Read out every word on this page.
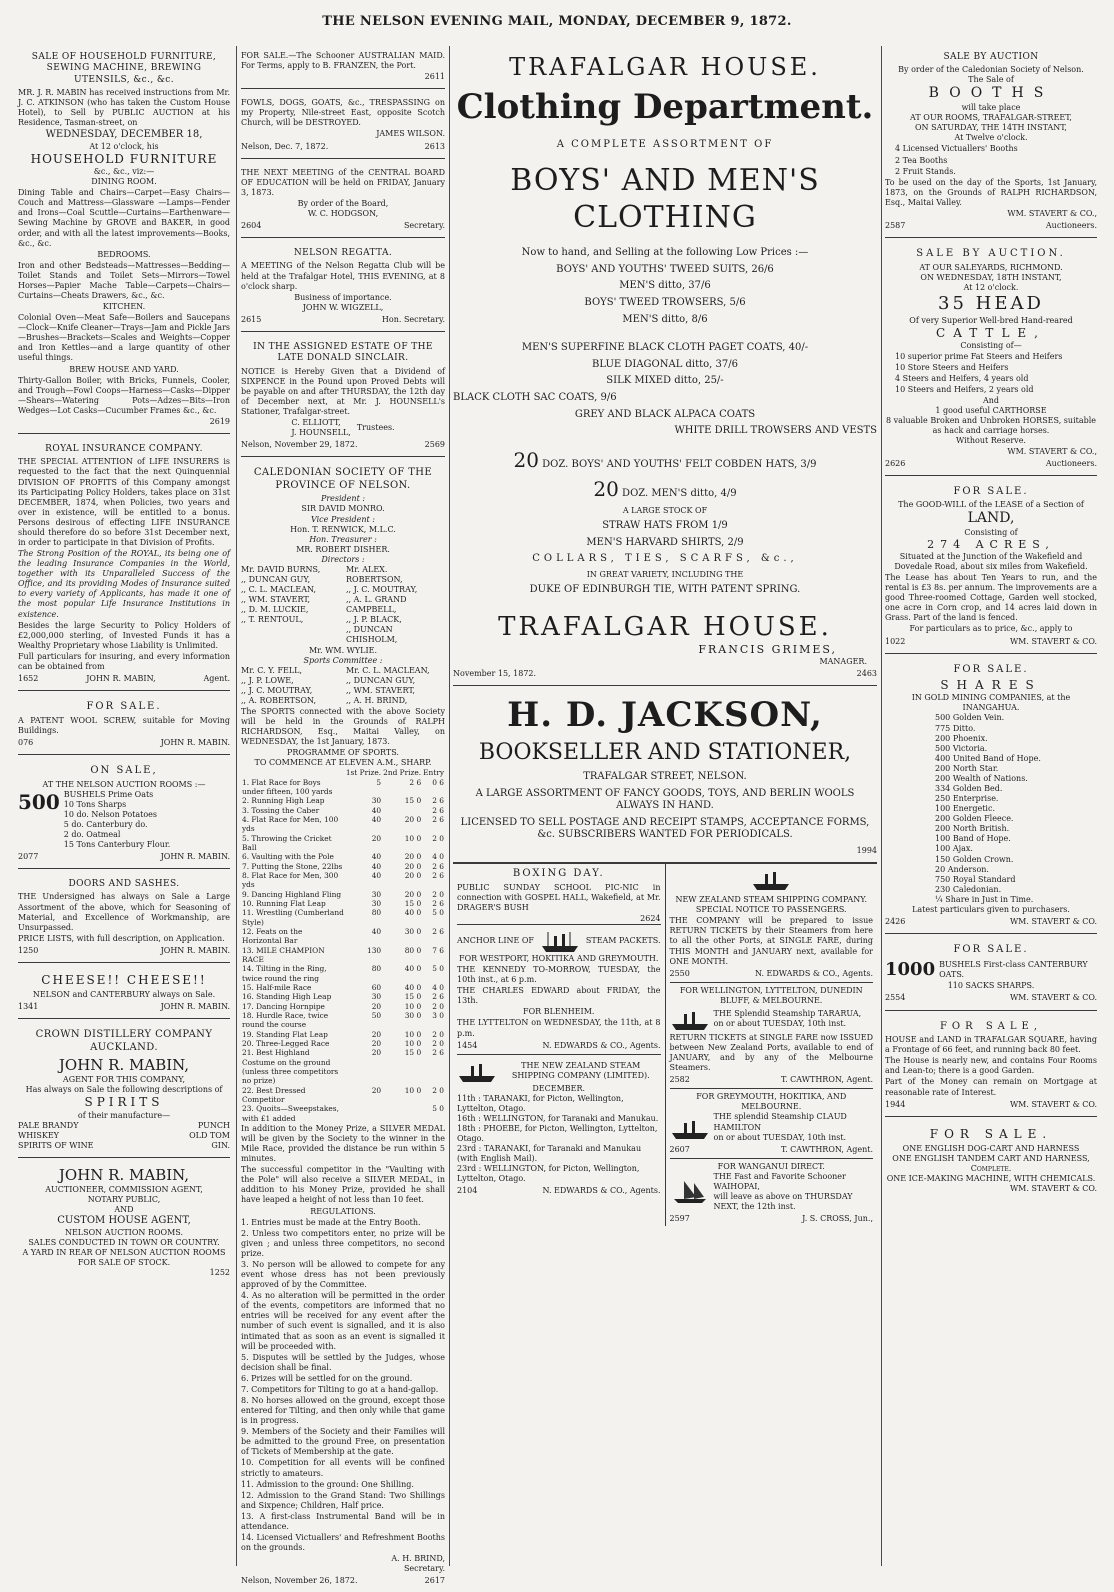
THE NELSON EVENING MAIL, MONDAY, DECEMBER 9, 1872.
SALE OF HOUSEHOLD FURNITURE, SEWING MACHINE, BREWING UTENSILS, &c., &c.

MR. J. R. MABIN has received instructions from Mr. J. C. ATKINSON (who has taken the Custom House Hotel), to Sell by PUBLIC AUCTION at his Residence, Tasman-street, on

WEDNESDAY, DECEMBER 18,
At 12 o'clock, his
HOUSEHOLD FURNITURE
&c., &c., viz:—
DINING ROOM.

Dining Table and Chairs—Carpet—Easy Chairs—Couch and Mattress—Glassware —Lamps—Fender and Irons—Coal Scuttle—Curtains—Earthenware—Sewing Machine by GROVE and BAKER, in good order, and with all the latest improvements—Books, &c., &c.

BEDROOMS.

Iron and other Bedsteads—Mattresses—Bedding—Toilet Stands and Toilet Sets—Mirrors—Towel Horses—Papier Mache Table—Carpets—Chairs—Curtains—Cheats Drawers, &c., &c.

KITCHEN.

Colonial Oven—Meat Safe—Boilers and Saucepans—Clock—Knife Cleaner—Trays—Jam and Pickle Jars—Brushes—Brackets—Scales and Weights—Copper and Iron Kettles—and a large quantity of other useful things.

BREW HOUSE AND YARD.

Thirty-Gallon Boiler, with Bricks, Funnels, Cooler, and Trough—Fowl Coops—Harness—Casks—Dipper—Shears—Watering Pots—Adzes—Bits—Iron Wedges—Lot Casks—Cucumber Frames &c., &c.

2619
ROYAL INSURANCE COMPANY.

THE SPECIAL ATTENTION of LIFE INSURERS is requested to the fact that the next Quinquennial DIVISION OF PROFITS of this Company amongst its Participating Policy Holders, takes place on 31st DECEMBER, 1874, when Policies, two years and over in existence, will be entitled to a bonus. Persons desirous of effecting LIFE INSURANCE should therefore do so before 31st December next, in order to participate in that Division of Profits.

The Strong Position of the ROYAL, its being one of the leading Insurance Companies in the World, together with its Unparalleled Success of the Office, and its providing Modes of Insurance suited to every variety of Applicants, has made it one of the most popular Life Insurance Institutions in existence.

Besides the large Security to Policy Holders of £2,000,000 sterling, of Invested Funds it has a Wealthy Proprietary whose Liability is Unlimited.

Full particulars for insuring, and every information can be obtained from

1652	JOHN R. MABIN,	Agent.
FOR SALE.

A PATENT WOOL SCREW, suitable for Moving Buildings.

076	JOHN R. MABIN.
ON SALE,
AT THE NELSON AUCTION ROOMS :—
500 BUSHELS Prime Oats
10 Tons Sharps
10 do. Nelson Potatoes
5 do. Canterbury do.
2 do. Oatmeal
15 Tons Canterbury Flour.
2077	JOHN R. MABIN.
DOORS AND SASHES.

THE Undersigned has always on Sale a Large Assortment of the above, which for Seasoning of Material, and Excellence of Workmanship, are Unsurpassed.

PRICE LISTS, with full description, on Application.

1250	JOHN R. MABIN.
CHEESE!! CHEESE!!
NELSON and CANTERBURY always on Sale.
1341	JOHN R. MABIN.
CROWN DISTILLERY COMPANY AUCKLAND.
JOHN R. MABIN,
AGENT FOR THIS COMPANY,
Has always on Sale the following descriptions of
SPIRITS
of their manufacture—
PALE BRANDY
WHISKEY
SPIRITS OF WINE
PUNCH
OLD TOM
GIN.
JOHN R. MABIN,
AUCTIONEER, COMMISSION AGENT,
NOTARY PUBLIC,
AND
CUSTOM HOUSE AGENT,
NELSON AUCTION ROOMS.
SALES CONDUCTED IN TOWN OR COUNTRY.
A YARD IN REAR OF NELSON AUCTION ROOMS FOR SALE OF STOCK.
1252

FOR SALE.—The Schooner AUSTRALIAN MAID. For Terms, apply to B. FRANZEN, the Port.

2611

FOWLS, DOGS, GOATS, &c., TRESPASSING on my Property, Nile-street East, opposite Scotch Church, will be DESTROYED.

JAMES WILSON.
Nelson, Dec. 7, 1872.	2613

THE NEXT MEETING of the CENTRAL BOARD OF EDUCATION will be held on FRIDAY, January 3, 1873.

By order of the Board,
W. C. HODGSON,
2604	Secretary.
NELSON REGATTA.

A MEETING of the Nelson Regatta Club will be held at the Trafalgar Hotel, THIS EVENING, at 8 o'clock sharp.

Business of importance.
JOHN W. WIGZELL,
2615	Hon. Secretary.
IN THE ASSIGNED ESTATE OF THE LATE DONALD SINCLAIR.

NOTICE is Hereby Given that a Dividend of SIXPENCE in the Pound upon Proved Debts will be payable on and after THURSDAY, the 12th day of December next, at Mr. J. HOUNSELL's Stationer, Trafalgar-street.

C. ELLIOTT,
J. HOUNSELL,
Trustees.
Nelson, November 29, 1872.	2569
CALEDONIAN SOCIETY OF THE PROVINCE OF NELSON.
President :
SIR DAVID MONRO.
Vice President :
Hon. T. RENWICK, M.L.C.
Hon. Treasurer :
MR. ROBERT DISHER.
Directors :
Mr. DAVID BURNS,
,, DUNCAN GUY,
,, C. L. MACLEAN,
,, WM. STAVERT,
,, D. M. LUCKIE,
,, T. RENTOUL,
Mr. ALEX. ROBERTSON,
,, J. C. MOUTRAY,
,, A. L. GRAND
CAMPBELL,
,, J. P. BLACK,
,, DUNCAN CHISHOLM,
Mr. WM. WYLIE.
Sports Committee :
Mr. C. Y. FELL,
,, J. P. LOWE,
,, J. C. MOUTRAY,
,, A. ROBERTSON,
Mr. C. L. MACLEAN,
,, DUNCAN GUY,
,, WM. STAVERT,
,, A. H. BRIND,

The SPORTS connected with the above Society will be held in the Grounds of RALPH RICHARDSON, Esq., Maitai Valley, on WEDNESDAY, the 1st January, 1873.

PROGRAMME OF SPORTS.
TO COMMENCE AT ELEVEN A.M., SHARP.
	1st Prize.	2nd Prize.	Entry
1. Flat Race for Boys under fifteen, 100 yards	5	2 6	0 6
2. Running High Leap	30	15 0	2 6
3. Tossing the Caber	40		2 6
4. Flat Race for Men, 100 yds	40	20 0	2 6
5. Throwing the Cricket Ball	20	10 0	2 0
6. Vaulting with the Pole	40	20 0	4 0
7. Putting the Stone, 22lbs	40	20 0	2 6
8. Flat Race for Men, 300 yds	40	20 0	2 6
9. Dancing Highland Fling	30	20 0	2 0
10. Running Flat Leap	30	15 0	2 6
11. Wrestling (Cumberland Style)	80	40 0	5 0
12. Feats on the Horizontal Bar	40	30 0	2 6
13. MILE CHAMPION RACE	130	80 0	7 6
14. Tilting in the Ring, twice round the ring	80	40 0	5 0
15. Half-mile Race	60	40 0	4 0
16. Standing High Leap	30	15 0	2 6
17. Dancing Hornpipe	20	10 0	2 0
18. Hurdle Race, twice round the course	50	30 0	3 0
19. Standing Flat Leap	20	10 0	2 0
20. Three-Legged Race	20	10 0	2 0
21. Best Highland Costume on the ground (unless three competitors no prize)	20	15 0	2 6
22. Best Dressed Competitor	20	10 0	2 0
23. Quoits—Sweepstakes, with £1 added			5 0

In addition to the Money Prize, a SILVER MEDAL will be given by the Society to the winner in the Mile Race, provided the distance be run within 5 minutes.

The successful competitor in the "Vaulting with the Pole" will also receive a SILVER MEDAL, in addition to his Money Prize, provided he shall have leaped a height of not less than 10 feet.

REGULATIONS.
1. Entries must be made at the Entry Booth.
2. Unless two competitors enter, no prize will be given ; and unless three competitors, no second prize.
3. No person will be allowed to compete for any event whose dress has not been previously approved of by the Committee.
4. As no alteration will be permitted in the order of the events, competitors are informed that no entries will be received for any event after the number of such event is signalled, and it is also intimated that as soon as an event is signalled it will be proceeded with.
5. Disputes will be settled by the Judges, whose decision shall be final.
6. Prizes will be settled for on the ground.
7. Competitors for Tilting to go at a hand-gallop.
8. No horses allowed on the ground, except those entered for Tilting, and then only while that game is in progress.
9. Members of the Society and their Families will be admitted to the ground Free, on presentation of Tickets of Membership at the gate.
10. Competition for all events will be confined strictly to amateurs.
11. Admission to the ground: One Shilling.
12. Admission to the Grand Stand: Two Shillings and Sixpence; Children, Half price.
13. A first-class Instrumental Band will be in attendance.
14. Licensed Victuallers' and Refreshment Booths on the grounds.
A. H. BRIND,
Secretary.
Nelson, November 26, 1872.	2617
TRAFALGAR HOUSE.
Clothing Department.
A COMPLETE ASSORTMENT OF
BOYS' AND MEN'S CLOTHING
Now to hand, and Selling at the following Low Prices :—
BOYS' AND YOUTHS' TWEED SUITS, 26/6
MEN'S ditto, 37/6
BOYS' TWEED TROWSERS, 5/6
MEN'S ditto, 8/6
MEN'S SUPERFINE BLACK CLOTH PAGET COATS, 40/-
BLUE DIAGONAL ditto, 37/6
SILK MIXED ditto, 25/-
BLACK CLOTH SAC COATS, 9/6
GREY AND BLACK ALPACA COATS
WHITE DRILL TROWSERS AND VESTS
20 DOZ. BOYS' AND YOUTHS' FELT COBDEN HATS, 3/9
20 DOZ. MEN'S ditto, 4/9
A LARGE STOCK OF
STRAW HATS FROM 1/9
MEN'S HARVARD SHIRTS, 2/9
COLLARS, TIES, SCARFS, &c.,
IN GREAT VARIETY, INCLUDING THE
DUKE OF EDINBURGH TIE, WITH PATENT SPRING.
TRAFALGAR HOUSE.
FRANCIS GRIMES,
MANAGER.
November 15, 1872.	2463
H. D. JACKSON,
BOOKSELLER AND STATIONER,
TRAFALGAR STREET, NELSON.
A LARGE ASSORTMENT OF FANCY GOODS, TOYS, AND BERLIN WOOLS ALWAYS IN HAND.
LICENSED TO SELL POSTAGE AND RECEIPT STAMPS, ACCEPTANCE FORMS, &c. SUBSCRIBERS WANTED FOR PERIODICALS.
1994
BOXING DAY.

PUBLIC SUNDAY SCHOOL PIC-NIC in connection with GOSPEL HALL, Wakefield, at Mr. DRAGER'S BUSH

2624
ANCHOR LINE OF	STEAM PACKETS.
FOR WESTPORT, HOKITIKA AND GREYMOUTH.

THE KENNEDY TO-MORROW, TUESDAY, the 10th inst., at 6 p.m.

THE CHARLES EDWARD about FRIDAY, the 13th.

FOR BLENHEIM.

THE LYTTELTON on WEDNESDAY, the 11th, at 8 p.m.

1454	N. EDWARDS & CO., Agents.
THE NEW ZEALAND STEAM SHIPPING COMPANY (LIMITED).
DECEMBER.
11th : TARANAKI, for Picton, Wellington, Lyttelton, Otago.
16th : WELLINGTON, for Taranaki and Manukau.
18th : PHOEBE, for Picton, Wellington, Lyttelton, Otago.
23rd : TARANAKI, for Taranaki and Manukau (with English Mail).
23rd : WELLINGTON, for Picton, Wellington, Lyttelton, Otago.
2104	N. EDWARDS & CO., Agents.
NEW ZEALAND STEAM SHIPPING COMPANY.
SPECIAL NOTICE TO PASSENGERS.

THE COMPANY will be prepared to issue RETURN TICKETS by their Steamers from here to all the other Ports, at SINGLE FARE, during THIS MONTH and JANUARY next, available for ONE MONTH.

2550	N. EDWARDS & CO., Agents.
FOR WELLINGTON, LYTTELTON, DUNEDIN BLUFF, & MELBOURNE.
THE Splendid Steamship TARARUA,
on or about TUESDAY, 10th inst.

RETURN TICKETS at SINGLE FARE now ISSUED between New Zealand Ports, available to end of JANUARY, and by any of the Melbourne Steamers.

2582	T. CAWTHRON, Agent.
FOR GREYMOUTH, HOKITIKA, AND MELBOURNE.
THE splendid Steamship CLAUD HAMILTON
on or about TUESDAY, 10th inst.
2607	T. CAWTHRON, Agent.
FOR WANGANUI DIRECT.
THE Fast and Favorite Schooner WAIHOPAI,
will leave as above on THURSDAY NEXT, the 12th inst.
2597	J. S. CROSS, Jun.,
SALE BY AUCTION
By order of the Caledonian Society of Nelson.
The Sale of
BOOTHS
will take place
AT OUR ROOMS, TRAFALGAR-STREET,
ON SATURDAY, THE 14TH INSTANT,
At Twelve o'clock.
4 Licensed Victuallers' Booths
2 Tea Booths
2 Fruit Stands.

To be used on the day of the Sports, 1st January, 1873, on the Grounds of RALPH RICHARDSON, Esq., Maitai Valley.

WM. STAVERT & CO.,
2587	Auctioneers.
SALE BY AUCTION.
AT OUR SALEYARDS, RICHMOND.
ON WEDNESDAY, 18TH INSTANT,
At 12 o'clock.
35 HEAD
Of very Superior Well-bred Hand-reared
CATTLE,
Consisting of—
10 superior prime Fat Steers and Heifers
10 Store Steers and Heifers
4 Steers and Heifers, 4 years old
10 Steers and Heifers, 2 years old
And
1 good useful CARTHORSE
8 valuable Broken and Unbroken HORSES, suitable as hack and carriage horses.
Without Reserve.
WM. STAVERT & CO.,
2626	Auctioneers.
FOR SALE.
The GOOD-WILL of the LEASE of a Section of
LAND,
Consisting of
274 ACRES,
Situated at the Junction of the Wakefield and Dovedale Road, about six miles from Wakefield.

The Lease has about Ten Years to run, and the rental is £3 8s. per annum. The improvements are a good Three-roomed Cottage, Garden well stocked, one acre in Corn crop, and 14 acres laid down in Grass. Part of the land is fenced.

For particulars as to price, &c., apply to
1022	WM. STAVERT & CO.
FOR SALE.
SHARES
IN GOLD MINING COMPANIES, at the INANGAHUA.
500 Golden Vein.
775 Ditto.
200 Phoenix.
500 Victoria.
400 United Band of Hope.
200 North Star.
200 Wealth of Nations.
334 Golden Bed.
250 Enterprise.
100 Energetic.
200 Golden Fleece.
200 North British.
100 Band of Hope.
100 Ajax.
150 Golden Crown.
20 Anderson.
750 Royal Standard
230 Caledonian.
¼ Share in Just in Time.
Latest particulars given to purchasers.
2426	WM. STAVERT & CO.
FOR SALE.
1000 BUSHELS First-class CANTERBURY OATS.
110 SACKS SHARPS.
2554	WM. STAVERT & CO.
FOR SALE,

HOUSE and LAND in TRAFALGAR SQUARE, having a Frontage of 66 feet, and running back 80 feet.

The House is nearly new, and contains Four Rooms and Lean-to; there is a good Garden.

Part of the Money can remain on Mortgage at reasonable rate of Interest.

1944	WM. STAVERT & CO.
FOR SALE.
ONE ENGLISH DOG-CART AND HARNESS
ONE ENGLISH TANDEM CART AND HARNESS, Complete.
ONE ICE-MAKING MACHINE, WITH CHEMICALS.
WM. STAVERT & CO.
